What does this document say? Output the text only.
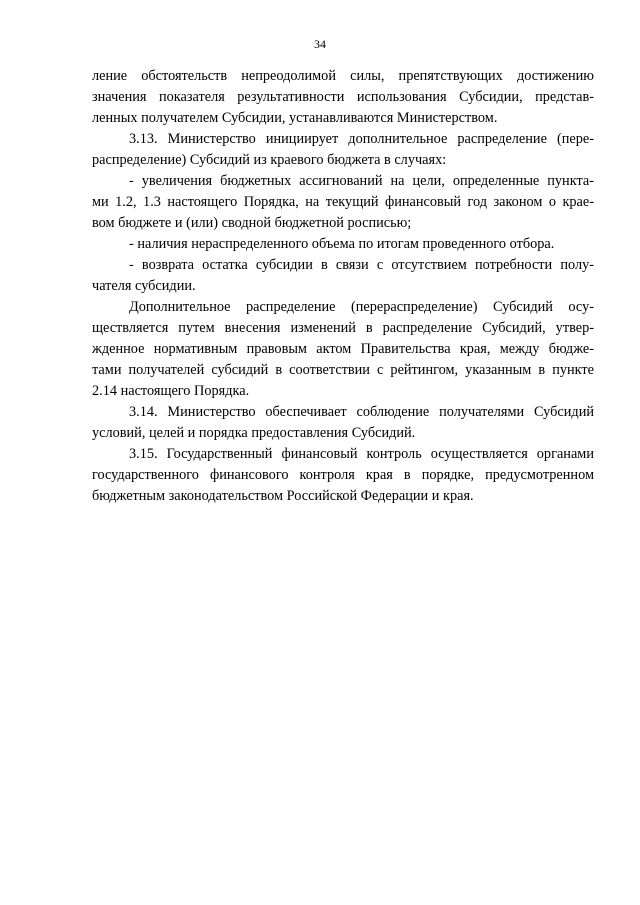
34
ление обстоятельств непреодолимой силы, препятствующих достижению
значения показателя результативности использования Субсидии, представ-
ленных получателем Субсидии, устанавливаются Министерством.
3.13. Министерство инициирует дополнительное распределение (пере-
распределение) Субсидий из краевого бюджета в случаях:
- увеличения бюджетных ассигнований на цели, определенные пункта-
ми 1.2, 1.3 настоящего Порядка, на текущий финансовый год законом о крае-
вом бюджете и (или) сводной бюджетной росписью;
- наличия нераспределенного объема по итогам проведенного отбора.
- возврата остатка субсидии в связи с отсутствием потребности полу-
чателя субсидии.
Дополнительное распределение (перераспределение) Субсидий осу-
ществляется путем внесения изменений в распределение Субсидий, утвер-
жденное нормативным правовым актом Правительства края, между бюдже-
тами получателей субсидий в соответствии с рейтингом, указанным в пункте
2.14 настоящего Порядка.
3.14. Министерство обеспечивает соблюдение получателями Субсидий
условий, целей и порядка предоставления Субсидий.
3.15. Государственный финансовый контроль осуществляется органами
государственного финансового контроля края в порядке, предусмотренном
бюджетным законодательством Российской Федерации и края.
